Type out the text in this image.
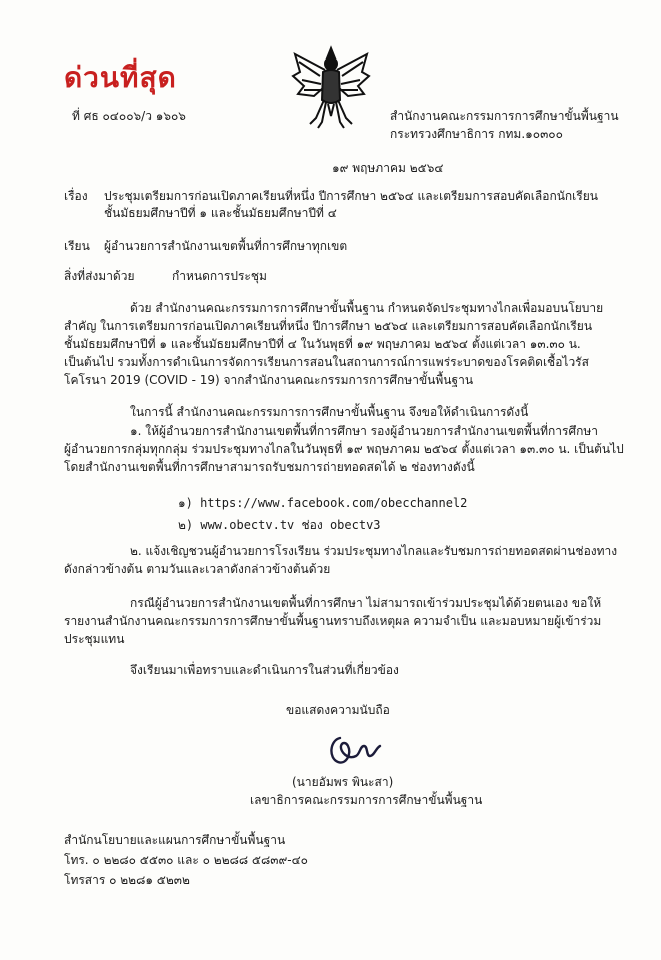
ด่วนที่สุด
ที่ ศธ ๐๔๐๐๖/ว ๑๖๐๖	สำนักงานคณะกรรมการการศึกษาขั้นพื้นฐาน
กระทรวงศึกษาธิการ กทม.๑๐๓๐๐
๑๙ พฤษภาคม ๒๕๖๔
เรื่อง ประชุมเตรียมการก่อนเปิดภาคเรียนที่หนึ่ง ปีการศึกษา ๒๕๖๔ และเตรียมการสอบคัดเลือกนักเรียน
ชั้นมัธยมศึกษาปีที่ ๑ และชั้นมัธยมศึกษาปีที่ ๔
เรียน ผู้อำนวยการสำนักงานเขตพื้นที่การศึกษาทุกเขต
สิ่งที่ส่งมาด้วย	กำหนดการประชุม
ด้วย สำนักงานคณะกรรมการการศึกษาขั้นพื้นฐาน กำหนดจัดประชุมทางไกลเพื่อมอบนโยบาย
สำคัญ ในการเตรียมการก่อนเปิดภาคเรียนที่หนึ่ง ปีการศึกษา ๒๕๖๔ และเตรียมการสอบคัดเลือกนักเรียน
ชั้นมัธยมศึกษาปีที่ ๑ และชั้นมัธยมศึกษาปีที่ ๔ ในวันพุธที่ ๑๙ พฤษภาคม ๒๕๖๔ ตั้งแต่เวลา ๑๓.๓๐ น.
เป็นต้นไป รวมทั้งการดำเนินการจัดการเรียนการสอนในสถานการณ์การแพร่ระบาดของโรคติดเชื้อไวรัส
โคโรนา 2019 (COVID - 19) จากสำนักงานคณะกรรมการการศึกษาขั้นพื้นฐาน
ในการนี้ สำนักงานคณะกรรมการการศึกษาขั้นพื้นฐาน จึงขอให้ดำเนินการดังนี้
๑. ให้ผู้อำนวยการสำนักงานเขตพื้นที่การศึกษา รองผู้อำนวยการสำนักงานเขตพื้นที่การศึกษา
ผู้อำนวยการกลุ่มทุกกลุ่ม ร่วมประชุมทางไกลในวันพุธที่ ๑๙ พฤษภาคม ๒๕๖๔ ตั้งแต่เวลา ๑๓.๓๐ น. เป็นต้นไป
โดยสำนักงานเขตพื้นที่การศึกษาสามารถรับชมการถ่ายทอดสดได้ ๒ ช่องทางดังนี้
๑) https://www.facebook.com/obecchannel2
๒) www.obectv.tv ช่อง obectv3
๒. แจ้งเชิญชวนผู้อำนวยการโรงเรียน ร่วมประชุมทางไกลและรับชมการถ่ายทอดสดผ่านช่องทาง
ดังกล่าวข้างต้น ตามวันและเวลาดังกล่าวข้างต้นด้วย
กรณีผู้อำนวยการสำนักงานเขตพื้นที่การศึกษา ไม่สามารถเข้าร่วมประชุมได้ด้วยตนเอง ขอให้
รายงานสำนักงานคณะกรรมการการศึกษาขั้นพื้นฐานทราบถึงเหตุผล ความจำเป็น และมอบหมายผู้เข้าร่วม
ประชุมแทน
จึงเรียนมาเพื่อทราบและดำเนินการในส่วนที่เกี่ยวข้อง
ขอแสดงความนับถือ
(นายอัมพร พินะสา)
เลขาธิการคณะกรรมการการศึกษาขั้นพื้นฐาน
สำนักนโยบายและแผนการศึกษาขั้นพื้นฐาน
โทร. ๐ ๒๒๘๐ ๕๕๓๐ และ ๐ ๒๒๘๘ ๕๘๓๙-๔๐
โทรสาร ๐ ๒๒๘๑ ๕๒๓๒
